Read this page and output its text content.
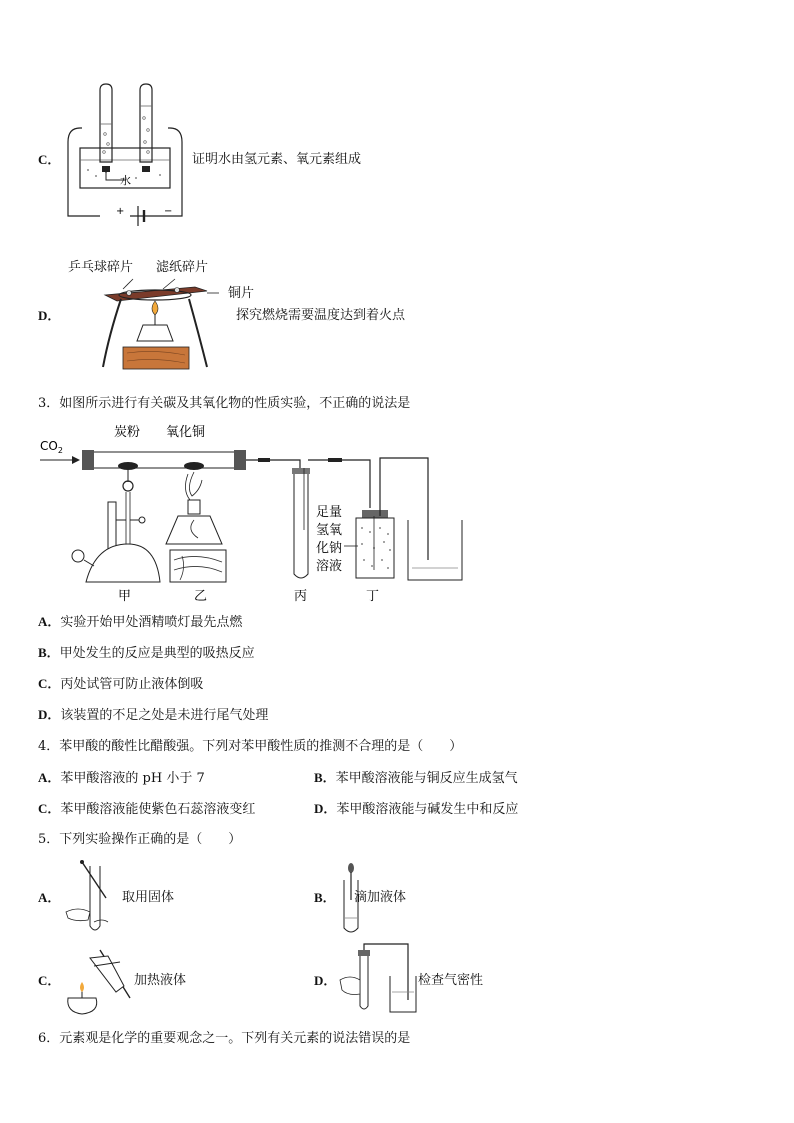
C．
+	−
水
证明水由氢元素、氧元素组成
乒乓球碎片 滤纸碎片
D．
铜片
探究燃烧需要温度达到着火点
3．如图所示进行有关碳及其氧化物的性质实验，不正确的说法是
$CO_2$
炭粉 氧化铜
甲	乙	丙	丁
足量
氢氧
化钠
溶液
A．实验开始甲处酒精喷灯最先点燃
B．甲处发生的反应是典型的吸热反应
C．丙处试管可防止液体倒吸
D．该装置的不足之处是未进行尾气处理
4．苯甲酸的酸性比醋酸强。下列对苯甲酸性质的推测不合理的是（　　）
A．苯甲酸溶液的 pH 小于 7	B．苯甲酸溶液能与铜反应生成氢气
C．苯甲酸溶液能使紫色石蕊溶液变红	D．苯甲酸溶液能与碱发生中和反应
5．下列实验操作正确的是（　　）
A．	取用固体	B． 滴加液体
C．	加热液体	D．	检查气密性
6．元素观是化学的重要观念之一。下列有关元素的说法错误的是
